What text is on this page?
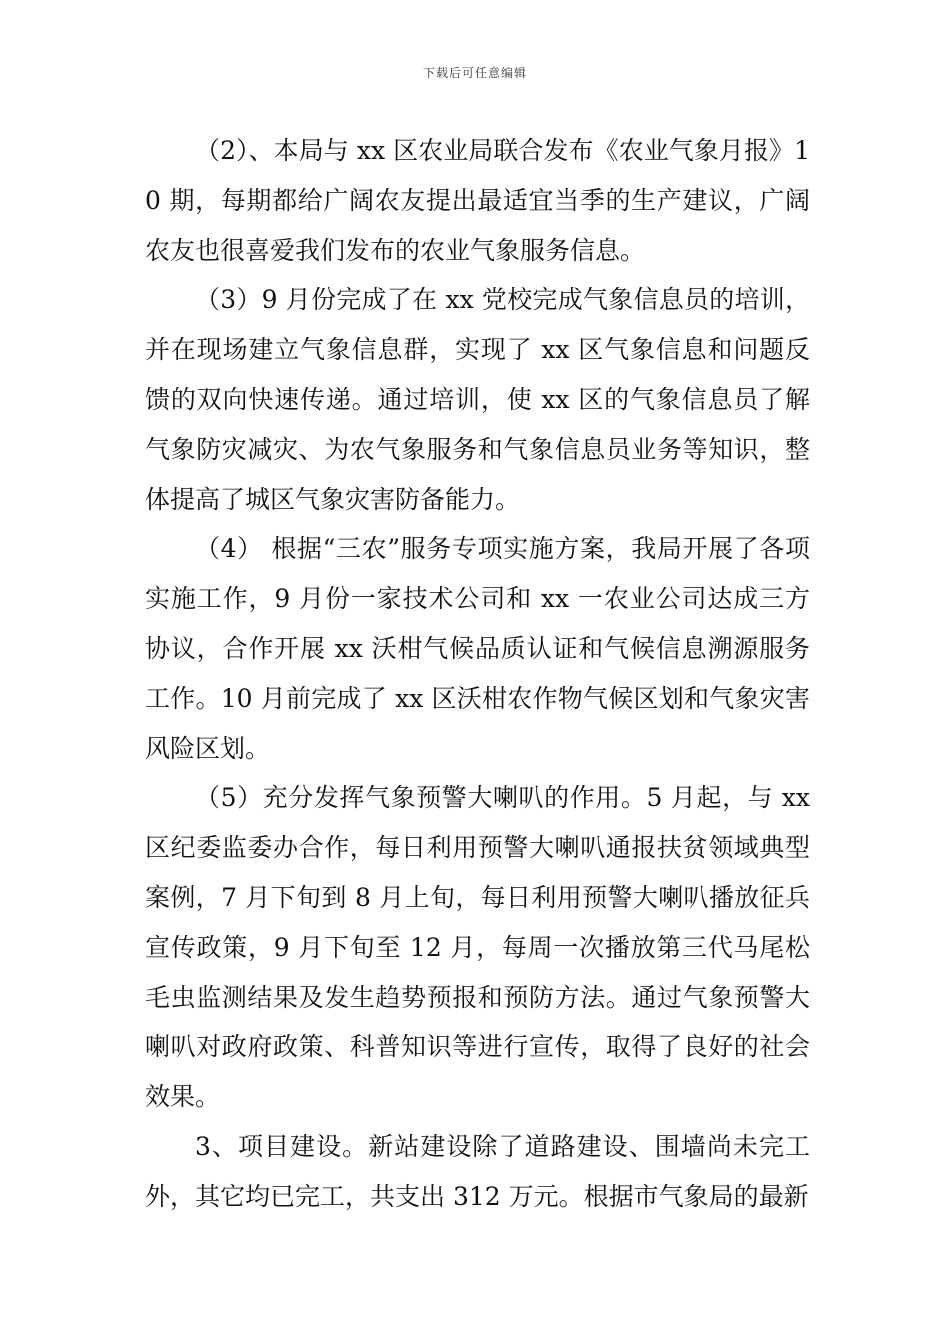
下载后可任意编辑

（2）、本局与 xx 区农业局联合发布《农业气象月报》10 期，每期都给广阔农友提出最适宜当季的生产建议，广阔农友也很喜爱我们发布的农业气象服务信息。

（3）9 月份完成了在 xx 党校完成气象信息员的培训，并在现场建立气象信息群，实现了 xx 区气象信息和问题反馈的双向快速传递。通过培训，使 xx 区的气象信息员了解气象防灾减灾、为农气象服务和气象信息员业务等知识，整体提高了城区气象灾害防备能力。

（4） 根据“三农”服务专项实施方案，我局开展了各项实施工作，9 月份一家技术公司和 xx 一农业公司达成三方协议，合作开展 xx 沃柑气候品质认证和气候信息溯源服务工作。10 月前完成了 xx 区沃柑农作物气候区划和气象灾害风险区划。

（5）充分发挥气象预警大喇叭的作用。5 月起，与 xx 区纪委监委办合作，每日利用预警大喇叭通报扶贫领域典型案例，7 月下旬到 8 月上旬，每日利用预警大喇叭播放征兵宣传政策，9 月下旬至 12 月，每周一次播放第三代马尾松毛虫监测结果及发生趋势预报和预防方法。通过气象预警大喇叭对政府政策、科普知识等进行宣传，取得了良好的社会效果。

3、项目建设。新站建设除了道路建设、围墙尚未完工外，其它均已完工，共支出 312 万元。根据市气象局的最新
